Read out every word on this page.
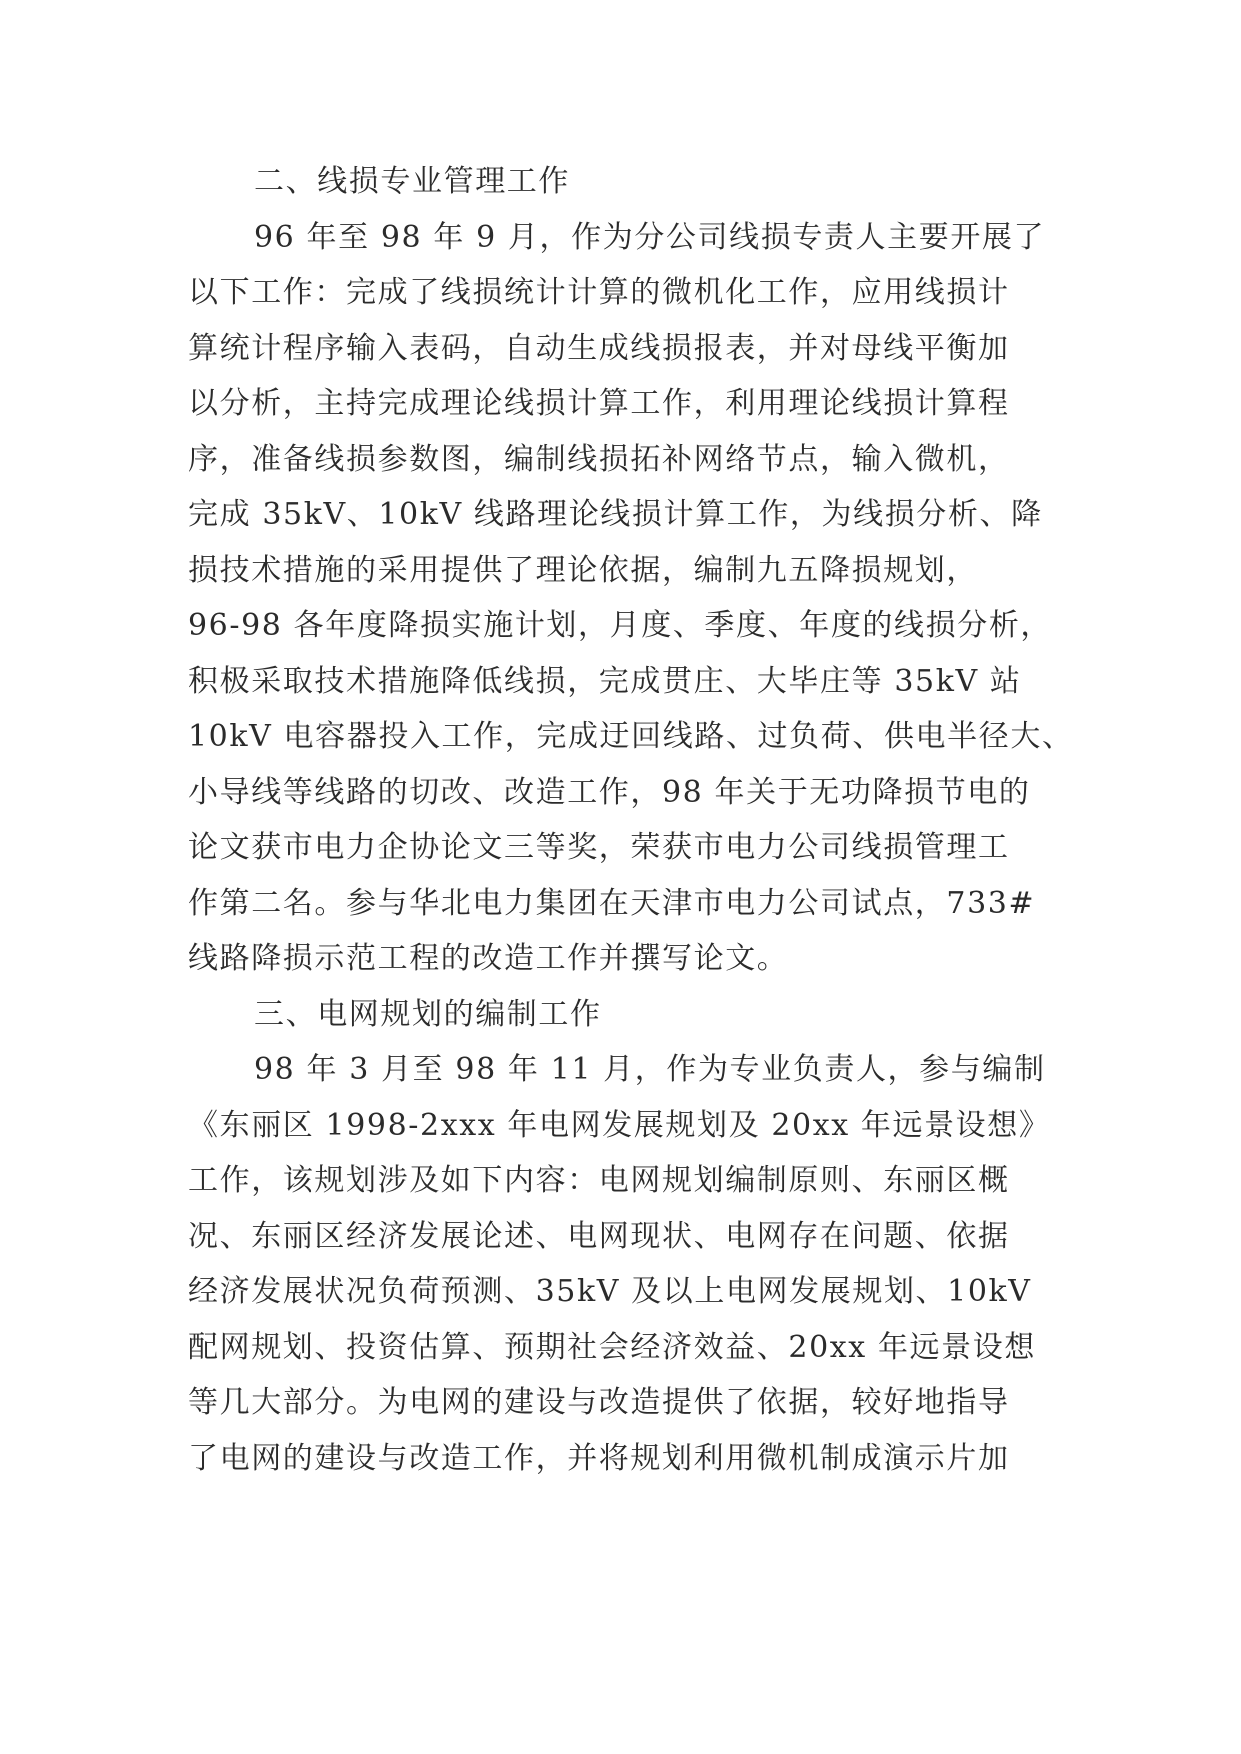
二、线损专业管理工作
96 年至 98 年 9 月，作为分公司线损专责人主要开展了
以下工作：完成了线损统计计算的微机化工作，应用线损计
算统计程序输入表码，自动生成线损报表，并对母线平衡加
以分析，主持完成理论线损计算工作，利用理论线损计算程
序，准备线损参数图，编制线损拓补网络节点，输入微机，
完成 35kV、10kV 线路理论线损计算工作，为线损分析、降
损技术措施的采用提供了理论依据，编制九五降损规划，
96-98 各年度降损实施计划，月度、季度、年度的线损分析，
积极采取技术措施降低线损，完成贯庄、大毕庄等 35kV 站
10kV 电容器投入工作，完成迂回线路、过负荷、供电半径大、
小导线等线路的切改、改造工作，98 年关于无功降损节电的
论文获市电力企协论文三等奖，荣获市电力公司线损管理工
作第二名。参与华北电力集团在天津市电力公司试点，733#
线路降损示范工程的改造工作并撰写论文。
三、电网规划的编制工作
98 年 3 月至 98 年 11 月，作为专业负责人，参与编制
《东丽区 1998-2xxx 年电网发展规划及 20xx 年远景设想》
工作，该规划涉及如下内容：电网规划编制原则、东丽区概
况、东丽区经济发展论述、电网现状、电网存在问题、依据
经济发展状况负荷预测、35kV 及以上电网发展规划、10kV
配网规划、投资估算、预期社会经济效益、20xx 年远景设想
等几大部分。为电网的建设与改造提供了依据，较好地指导
了电网的建设与改造工作，并将规划利用微机制成演示片加
